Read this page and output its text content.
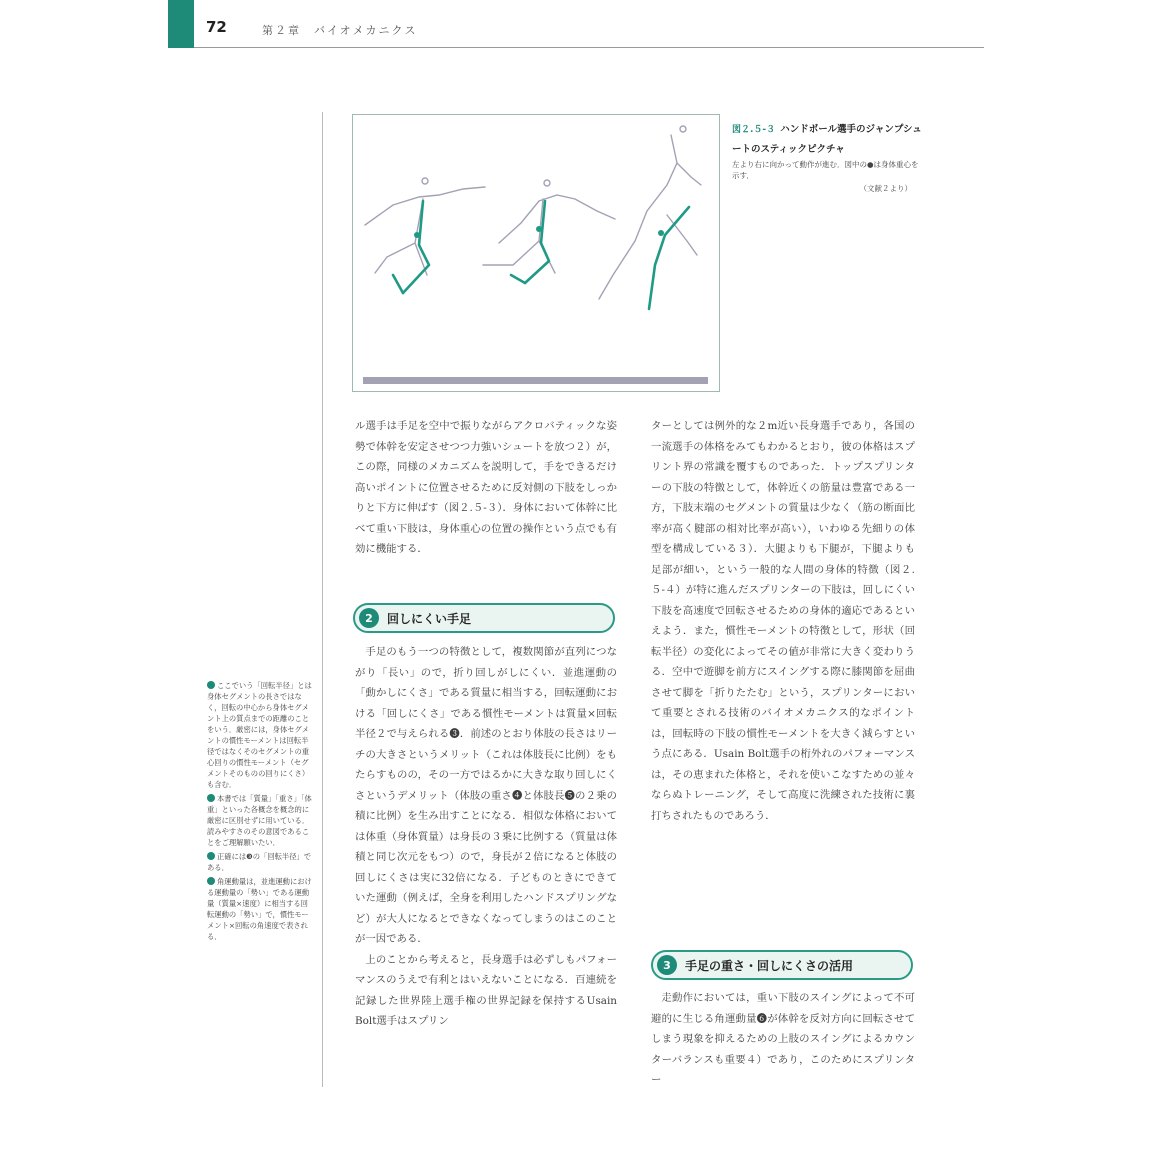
72	第２章　バイオメカニクス
図２.５-３ ハンドボール選手のジャンプシュートのスティックピクチャ
左より右に向かって動作が進む．図中の●は身体重心を示す．
（文献２より）

ル選手は手足を空中で振りながらアクロバティックな姿勢で体幹を安定させつつ力強いシュートを放つ２）が，この際，同様のメカニズムを説明して，手をできるだけ高いポイントに位置させるために反対側の下肢をしっかりと下方に伸ばす（図２.５-３）．身体において体幹に比べて重い下肢は，身体重心の位置の操作という点でも有効に機能する．

2	回しにくい手足

手足のもう一つの特徴として，複数関節が直列につながり「長い」ので，折り回しがしにくい．並進運動の「動かしにくさ」である質量に相当する，回転運動における「回しにくさ」である慣性モーメントは質量×回転半径２で与えられる❸．前述のとおり体肢の長さはリーチの大きさというメリット（これは体肢長に比例）をもたらすものの，その一方ではるかに大きな取り回しにくさというデメリット（体肢の重さ❹と体肢長❺の２乗の積に比例）を生み出すことになる．相似な体格においては体重（身体質量）は身長の３乗に比例する（質量は体積と同じ次元をもつ）ので，身長が２倍になると体肢の回しにくさは実に32倍になる．子どものときにできていた運動（例えば，全身を利用したハンドスプリングなど）が大人になるとできなくなってしまうのはこのことが一因である．

上のことから考えると，長身選手は必ずしもパフォーマンスのうえで有利とはいえないことになる．百連続を記録した世界陸上選手権の世界記録を保持するUsain Bolt選手はスプリン

ターとしては例外的な２m近い長身選手であり，各国の一流選手の体格をみてもわかるとおり，彼の体格はスプリント界の常識を覆すものであった．トップスプリンターの下肢の特徴として，体幹近くの筋量は豊富である一方，下肢末端のセグメントの質量は少なく（筋の断面比率が高く腱部の相対比率が高い），いわゆる先細りの体型を構成している３）．大腿よりも下腿が，下腿よりも足部が細い，という一般的な人間の身体的特徴（図２.５-４）が特に進んだスプリンターの下肢は，回しにくい下肢を高速度で回転させるための身体的適応であるといえよう．また，慣性モーメントの特徴として，形状（回転半径）の変化によってその値が非常に大きく変わりうる．空中で遊脚を前方にスイングする際に膝関節を屈曲させて脚を「折りたたむ」という，スプリンターにおいて重要とされる技術のバイオメカニクス的なポイントは，回転時の下肢の慣性モーメントを大きく減らすという点にある．Usain Bolt選手の桁外れのパフォーマンスは，その恵まれた体格と，それを使いこなすための並々ならぬトレーニング，そして高度に洗練された技術に裏打ちされたものであろう．

3	手足の重さ・回しにくさの活用

走動作においては，重い下肢のスイングによって不可避的に生じる角運動量❻が体幹を反対方向に回転させてしまう現象を抑えるための上肢のスイングによるカウンターバランスも重要４）であり，このためにスプリンター

ここでいう「回転半径」とは身体セグメントの長さではなく，回転の中心から身体セグメント上の質点までの距離のことをいう．厳密には，身体セグメントの慣性モーメントは回転半径ではなくそのセグメントの重心回りの慣性モーメント（セグメントそのものの回りにくさ）も含む．

本書では「質量」「重さ」「体重」といった各概念を概念的に厳密に区別せずに用いている．読みやすさのその意図であることをご理解願いたい．

正確には❸の「回転半径」である．

角運動量は，並進運動における運動量の「勢い」である運動量（質量×速度）に相当する回転運動の「勢い」で，慣性モーメント×回転の角速度で表される．
